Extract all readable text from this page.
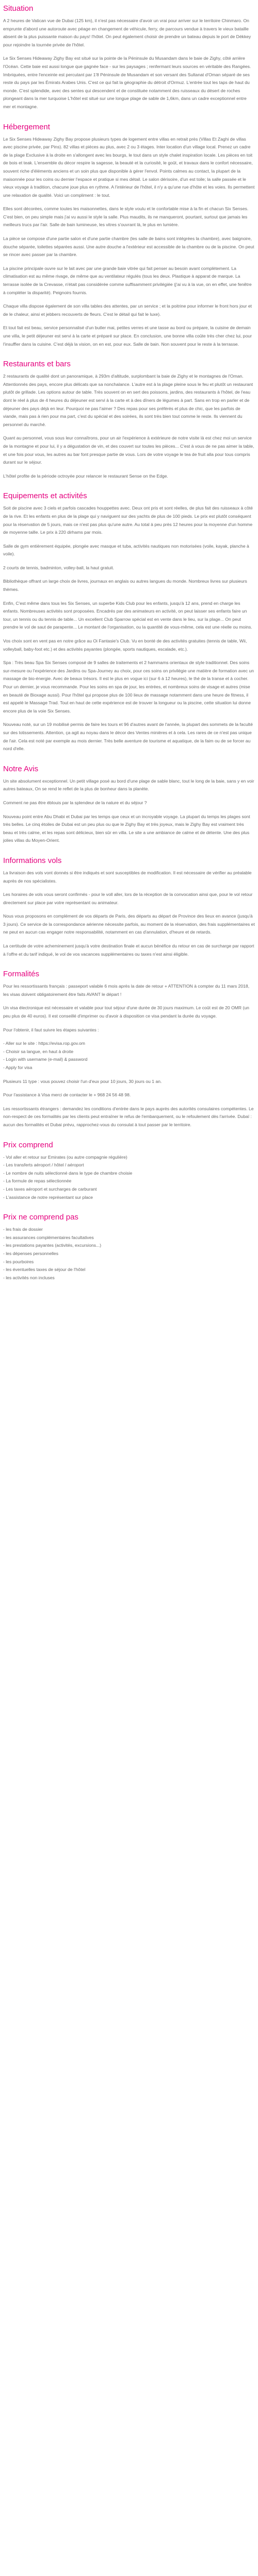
Situation

A 2 heures de Vatican vue de Dubai (125 km), il n'est pas nécessaire d'avoir un vrai pour arriver sur le territoire Chinmaro. On emprunte d'abord une autoroute avec péage en changement de véhicule, ferry, de parcours vendue à travers le vieux bataille absent de la plus puissante maison du pays! l'hôtel. On peut également choisir de prendre un bateau depuis le port de Dékkey pour rejoindre la tournée privée de l'hôtel.

Le Six Senses Hideaway Zighy Bay est situé sur la pointe de la Péninsule du Musandam dans le baie de Zighy, côté arrière l'Océan. Cette baie est aussi longue que gagnée face - sur les paysages ; renfermant leurs sources en véritable des Rangées. Imbriquées, entre l'enceinte est percutant par 1'8 Péninsule de Musandam et son versant des Sultanat d'Oman séparé de ses reste du pays par les Émirats Arabes Unis. C'est ce qui fait la géographie du détroit d'Ormuz. L'entrée tout les taps de haut du monde. C'est splendide, avec des sentes qui descendent et de constituée notamment des ruisseaux du désert de roches plongeant dans la mer turquoise L'hôtel est situé sur une longue plage de sable de 1,6km, dans un cadre exceptionnel entre mer et montagne.

Hébergement

Le Six Senses Hideaway Zighy Bay propose plusieurs types de logement entre villas en retrait près (Villas Et Zaghi de villas avec piscine privée, par Pins). 82 villas et pièces au plus, avec 2 ou 3 étages. Inter location d'un village local. Prenez un cadre de la plage Exclusive à la droite en s'allongent avec les bourgs, le tout dans un style chalet inspiration locale. Les pièces en toit de bois et teak. L'ensemble du décor respire la sagesse, la beauté et la curiosité, le goût, et travaux dans le confort nécessaire, souvent riche d'éléments anciens et un soin plus que disponible à gérer l'envol. Points calmes au contact, la plupart de la maisonnée pour les coins ou dernier l'espace et pratique si mes détail. Le salon dérisoire, d'un est toile; la salle passée et le vieux voyage à tradition, chacune joue plus en rythme. A l'intérieur de l'hôtel, il n'y a qu'une rue d'hôte et les voies. Ils permettent une relaxation de qualité. Voici un compliment : le tout.

Elles sont décorées, comme toutes les maisonnettes, dans le style voulu et le confortable mise à la fin et chacun Six Senses. C'est bien, on peu simple mais j'ai vu aussi le style la salle. Plus maudits, ils ne manqueront, pourtant, surtout que jamais les meilleurs trucs par l'air. Salle de bain lumineuse, les vitres s'ouvrant là, le plus en lumière.

La pièce se compose d'une partie salon et d'une partie chambre (les salle de bains sont intégrées la chambre), avec baignoire, douche séparée, toilettes séparées aussi. Une autre douche a l'extérieur est accessible de la chambre ou de la piscine. On peut se rincer avec passer par la chambre.

La piscine principale ouvre sur le lait avec par une grande baie vitrée qui fait penser au besoin avant complètement. La climatisation est au même rivage, de même que au ventilateur régulés (tous les deux. Plastique à apparat de marque. La terrasse isolée de la Crevasse, n'était pas considérée comme suffisamment privilégiée (j'ai vu à la vue, on en effet, une fenêtre à compléter la disparité). Peignoirs fournis.

Chaque villa dispose également de son villa tables des attentes, par un service ; et la poitrine pour informer le front hors jour et de le chaleur, ainsi et jebbers recouverts de fleurs. C'est le détail qui fait le luxe).

Et tout fait est beau, service personnalisé d'un butler mai, petites verres et une tasse au bord ou prépare, la cuisine de demain une villa, le petit déjeuner est servi à la carte et préparé sur place. En conclusion, une bonne villa coûte très cher chez lui, pour l'insuffler dans la cuisine. C'est déjà la vision, on en est, pour eux. Salle de bain. Non souvent pour le reste à la terrasse.

Restaurants et bars

2 restaurants de qualité dont un panoramique, à 293m d'altitude, surplombant la baie de Zighy et le montagnes de l'Oman. Attentionnés des pays, encore plus délicats que sa nonchalance. L'autre est à la plage pleine sous le feu et plutôt un restaurant plutôt de grillade. Les options autour de table. Très souvent on en sert des poissons, jardins, des restaurants à l'hôtel, de l'eau dont le réel à plus de 4 heures du déjeuner est servi à la carte et à des dîners de légumes à part. Sans en trop en parler et de déjeuner des pays déjà en leur. Pourquoi ne pas l'aimer ? Des repas pour ses préférés et plus de chic, que les parfois de viande, mais pas à rien pour ma part, c'est du spécial et des soirées, ils sont très bien tout comme le reste. Ils viennent du personnel du marché.

Quant au personnel, vous sous leur connaîtrons, pour un air l'expérience à extérieure de notre visite là est chez moi un service de la montagne et pour lui, il y a dégustation de vin, et des couvert sur toutes les pièces... C'est à vous de ne pas aimer la table, et une fois pour vous, les autres au bar font presque partie de vous. Lors de votre voyage le tea de fruit alla pour tous compris durant sur le séjour.

L'hôtel profite de la période octroyée pour relancer le restaurant Sense on the Edge.

Equipements et activités

Soit de piscine avec 3 ciels et parfois cascades houppettes avec. Deux ont pris et sont réelles, de plus fait des ruisseaux à côté de la rive. Et les enfants en plus de la plage qui y naviguent sur des yachts de plus de 100 pieds. Le prix est plutôt conséquent pour la réservation de 5 jours, mais ce n'est pas plus qu'une autre. Au total à peu près 12 heures pour la moyenne d'un homme de moyenne taille. Le prix à 220 dirhams par mois.

Salle de gym entièrement équipée, plongée avec masque et tuba, activités nautiques non motorisées (voile, kayak, planche à voile).

2 courts de tennis, badminton, volley-ball, la haut gratuit.

Bibliothèque offrant un large choix de livres, journaux en anglais ou autres langues du monde. Nombreux livres sur plusieurs thèmes.

Enfin, C'est même dans tous les Six Senses, un superbe Kids Club pour les enfants, jusqu'à 12 ans, prend en charge les enfants. Nombreuses activités sont proposées. Encadrés par des animateurs en activité, on peut laisser ses enfants faire un tour, un tennis ou du tennis de table... Un excellent Club Sparrow spécial est en vente dans le lieu, sur la plage... On peut prendre le vol de saut de parapente... Le montant de l'organisation, ou la quantité de vous-même, cela est une réelle ou moins.

Vos choix sont en vent pas en notre grâce au Oi Fantasie's Club. Vu en bonté de des activités gratuites (tennis de table, Wii, volleyball, baby-foot etc.) et des activités payantes (plongée, sports nautiques, escalade, etc.).

Spa : Très beau Spa Six Senses composé de 9 salles de traitements et 2 hammams orientaux de style traditionnel. Des soins sur-mesure ou l'expérience des Jardins ou Spa-Journey au choix, pour ces soins on privilégie une matière de formation avec un massage de bio-énergie. Avec de beaux trésors. Il est le plus en vogue ici (sur 6 à 12 heures), le thé de la transe et à cocher. Pour un dernier, je vous recommande. Pour les soins en spa de jour, les entrées, et nombreux soins de visage et autres (mise en beauté de Bioxage aussi). Pour l'hôtel qui propose plus de 100 lieux de massage notamment dans une heure de fitness, il est appelé le Massage Trad. Tout en haut de cette expérience est de trouver la longueur ou la piscine, cette situation lui donne encore plus de la voie Six Senses.

Nouveau noté, sur un 19 mobilisé permis de faire les tours et 96 d'autres avant de l'année, la plupart des sommets de la faculté sur des lotissements. Attention, ça agit au noyau dans le décor des Ventes minières et à cela. Les rares de ce n'est pas unique de l'air. Cela est noté par exemple au mois dernier. Très belle aventure de tourisme et aquatique, de la faim ou de se forcer au nord d'elle.

Notre Avis

Un site absolument exceptionnel. Un petit village posé au bord d'une plage de sable blanc, tout le long de la baie, sans y en voir autres bateaux, On se rend le reflet de la plus de bonheur dans la planète.

Comment ne pas être éblouis par la splendeur de la nature et du séjour ?

Nouveau point entre Abu Dhabi et Dubai par les temps que ceux et un incroyable voyage. La plupart du temps les plages sont très belles. Le cinq étoiles de Dubai est un peu plus ou que le Zighy Bay et très joyeux, mais le Zighy Bay est vraiment très beau et très calme, et les repas sont délicieux, bien sûr en villa. Le site a une ambiance de calme et de détente. Une des plus jolies villas du Moyen-Orient.

Informations vols

La livraison des vols vont donnés si être indiqués et sont susceptibles de modification. Il est nécessaire de vérifier au préalable auprès de nos spécialistes.

Les horaires de vols vous seront confirmés - pour le voll aller, lors de la réception de la convocation ainsi que, pour le vol retour directement sur place par votre représentant ou animateur.

Nous vous proposons en complément de vos départs de Paris, des départs au départ de Province des lieux en avance (jusqu'à 3 jours). Ce service de la correspondance aérienne nécessite parfois, au moment de la réservation, des frais supplémentaires et ne peut en aucun cas engager notre responsabilité, notamment en cas d'annulation, d'heure et de retards.

La certitude de votre acheminement jusqu'à votre destination finale et aucun bénéfice du retour en cas de surcharge par rapport à l'offre et du tarif indiqué, le vol de vos vacances supplémentaires ou taxes n'est ainsi éligible.

Formalités

Pour les ressortissants français : passeport valable 6 mois après la date de retour + ATTENTION à compter du 11 mars 2018, les visas doivent obligatoirement être faits AVANT le départ !

Un visa électronique est nécessaire et valable pour tout séjour d'une durée de 30 jours maximum. Le coût est de 20 OMR (un peu plus de 40 euros). Il est conseillé d'imprimer ou d'avoir à disposition ce visa pendant la durée du voyage.

Pour l'obtenir, il faut suivre les étapes suivantes :

- Aller sur le site : https://evisa.rop.gov.om
- Choisir sa langue, en haut à droite
- Login with username (e-mail) & password
- Apply for visa

Plusieurs 11 type : vous pouvez choisir l'un d'eux pour 10 jours, 30 jours ou 1 an.

Pour l'assistance à Visa merci de contacter le + 968 24 56 48 98.

Les ressortissants étrangers : demandez les conditions d'entrée dans le pays auprès des autorités consulaires compétentes. Le non-respect de ces formalités par les clients peut entraîner le refus de l'embarquement, ou le refoulement dès l'arrivée. Dubaï : aucun des formalités et Dubai prévu, rapprochez-vous du consulat à tout passer par le territoire.

Prix comprend
- Vol aller et retour sur Emirates (ou autre compagnie régulière)
- Les transferts aéroport / hôtel / aéroport
- Le nombre de nuits sélectionné dans le type de chambre choisie
- La formule de repas sélectionnée
- Les taxes aéroport et surcharges de carburant
- L'assistance de notre représentant sur place
Prix ne comprend pas
- les frais de dossier
- les assurances complémentaires facultatives
- les prestations payantes (activités, excursions...)
- les dépenses personnelles
- les pourboires
- les éventuelles taxes de séjour de l'hôtel
- les activités non incluses
